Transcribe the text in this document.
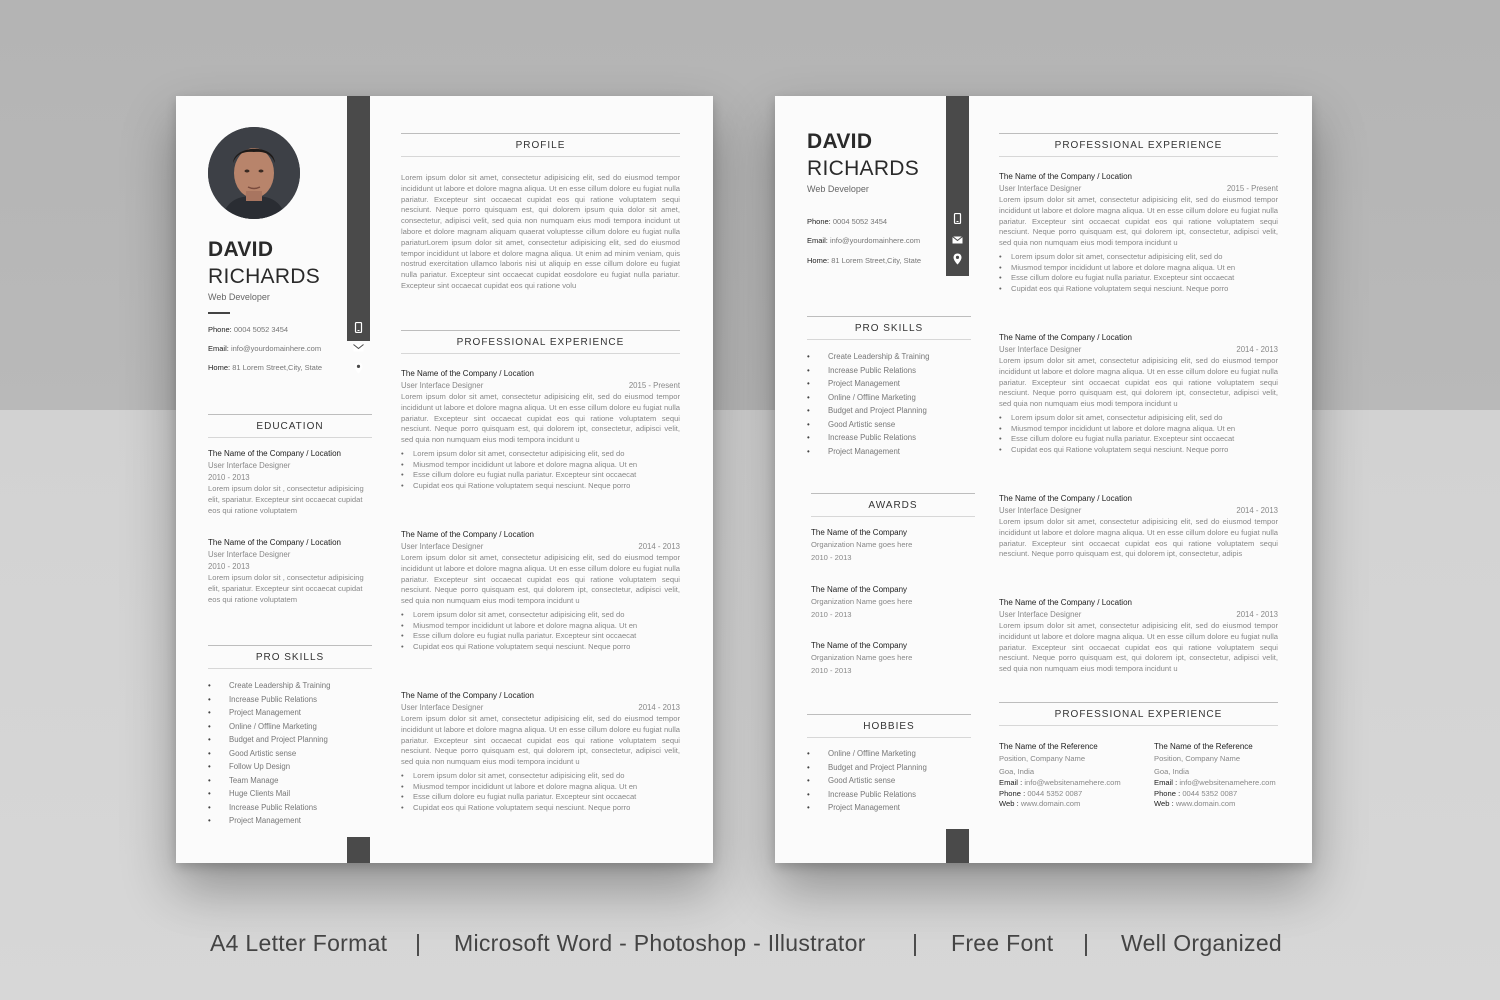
DAVID
RICHARDS
Web Developer
Phone: 0004 5052 3454
Email: info@yourdomainhere.com
Home: 81 Lorem Street,City, State
EDUCATION
The Name of the Company / Location
User Interface Designer
2010 - 2013
Lorem ipsum dolor sit , consectetur adipisicing elit, spariatur. Excepteur sint occaecat cupidat eos qui ratione voluptatem
The Name of the Company / Location
User Interface Designer
2010 - 2013
Lorem ipsum dolor sit , consectetur adipisicing elit, spariatur. Excepteur sint occaecat cupidat eos qui ratione voluptatem
PRO SKILLS
• Create Leadership & Training
• Increase Public Relations
• Project Management
• Online / Offline Marketing
• Budget and Project Planning
• Good Artistic sense
• Follow Up Design
• Team Manage
• Huge Clients Mail
• Increase Public Relations
• Project Management
PROFILE
Lorem ipsum dolor sit amet, consectetur adipisicing elit, sed do eiusmod tempor incididunt ut labore et dolore magna aliqua. Ut en esse cillum dolore eu fugiat nulla pariatur. Excepteur sint occaecat cupidat eos qui ratione voluptatem sequi nesciunt. Neque porro quisquam est, qui dolorem ipsum quia dolor sit amet, consectetur, adipisci velit, sed quia non numquam eius modi tempora incidunt ut labore et dolore magnam aliquam quaerat voluptesse cillum dolore eu fugiat nulla pariaturLorem ipsum dolor sit amet, consectetur adipisicing elit, sed do eiusmod tempor incididunt ut labore et dolore magna aliqua. Ut enim ad minim veniam, quis nostrud exercitation ullamco laboris nisi ut aliquip en esse cillum dolore eu fugiat nulla pariatur. Excepteur sint occaecat cupidat eosdolore eu fugiat nulla pariatur. Excepteur sint occaecat cupidat eos qui ratione volu
PROFESSIONAL EXPERIENCE
The Name of the Company / Location
User Interface Designer	2015 - Present
Lorem ipsum dolor sit amet, consectetur adipisicing elit, sed do eiusmod tempor incididunt ut labore et dolore magna aliqua. Ut en esse cillum dolore eu fugiat nulla pariatur. Excepteur sint occaecat cupidat eos qui ratione voluptatem sequi nesciunt. Neque porro quisquam est, qui dolorem ipt, consectetur, adipisci velit, sed quia non numquam eius modi tempora incidunt u
• Lorem ipsum dolor sit amet, consectetur adipisicing elit, sed do
• Miusmod tempor incididunt ut labore et dolore magna aliqua. Ut en
• Esse cillum dolore eu fugiat nulla pariatur. Excepteur sint occaecat
• Cupidat eos qui Ratione voluptatem sequi nesciunt. Neque porro
The Name of the Company / Location
User Interface Designer	2014 - 2013
Lorem ipsum dolor sit amet, consectetur adipisicing elit, sed do eiusmod tempor incididunt ut labore et dolore magna aliqua. Ut en esse cillum dolore eu fugiat nulla pariatur. Excepteur sint occaecat cupidat eos qui ratione voluptatem sequi nesciunt. Neque porro quisquam est, qui dolorem ipt, consectetur, adipisci velit, sed quia non numquam eius modi tempora incidunt u
• Lorem ipsum dolor sit amet, consectetur adipisicing elit, sed do
• Miusmod tempor incididunt ut labore et dolore magna aliqua. Ut en
• Esse cillum dolore eu fugiat nulla pariatur. Excepteur sint occaecat
• Cupidat eos qui Ratione voluptatem sequi nesciunt. Neque porro
The Name of the Company / Location
User Interface Designer	2014 - 2013
Lorem ipsum dolor sit amet, consectetur adipisicing elit, sed do eiusmod tempor incididunt ut labore et dolore magna aliqua. Ut en esse cillum dolore eu fugiat nulla pariatur. Excepteur sint occaecat cupidat eos qui ratione voluptatem sequi nesciunt. Neque porro quisquam est, qui dolorem ipt, consectetur, adipisci velit, sed quia non numquam eius modi tempora incidunt u
• Lorem ipsum dolor sit amet, consectetur adipisicing elit, sed do
• Miusmod tempor incididunt ut labore et dolore magna aliqua. Ut en
• Esse cillum dolore eu fugiat nulla pariatur. Excepteur sint occaecat
• Cupidat eos qui Ratione voluptatem sequi nesciunt. Neque porro
DAVID
RICHARDS
Web Developer
Phone: 0004 5052 3454
Email: info@yourdomainhere.com
Home: 81 Lorem Street,City, State
PRO SKILLS
• Create Leadership & Training
• Increase Public Relations
• Project Management
• Online / Offline Marketing
• Budget and Project Planning
• Good Artistic sense
• Increase Public Relations
• Project Management
AWARDS
The Name of the Company
Organization Name goes here
2010 - 2013
The Name of the Company
Organization Name goes here
2010 - 2013
The Name of the Company
Organization Name goes here
2010 - 2013
HOBBIES
• Online / Offline Marketing
• Budget and Project Planning
• Good Artistic sense
• Increase Public Relations
• Project Management
PROFESSIONAL EXPERIENCE
The Name of the Company / Location
User Interface Designer	2015 - Present
Lorem ipsum dolor sit amet, consectetur adipisicing elit, sed do eiusmod tempor incididunt ut labore et dolore magna aliqua. Ut en esse cillum dolore eu fugiat nulla pariatur. Excepteur sint occaecat cupidat eos qui ratione voluptatem sequi nesciunt. Neque porro quisquam est, qui dolorem ipt, consectetur, adipisci velit, sed quia non numquam eius modi tempora incidunt u
• Lorem ipsum dolor sit amet, consectetur adipisicing elit, sed do
• Miusmod tempor incididunt ut labore et dolore magna aliqua. Ut en
• Esse cillum dolore eu fugiat nulla pariatur. Excepteur sint occaecat
• Cupidat eos qui Ratione voluptatem sequi nesciunt. Neque porro
The Name of the Company / Location
User Interface Designer	2014 - 2013
Lorem ipsum dolor sit amet, consectetur adipisicing elit, sed do eiusmod tempor incididunt ut labore et dolore magna aliqua. Ut en esse cillum dolore eu fugiat nulla pariatur. Excepteur sint occaecat cupidat eos qui ratione voluptatem sequi nesciunt. Neque porro quisquam est, qui dolorem ipt, consectetur, adipisci velit, sed quia non numquam eius modi tempora incidunt u
• Lorem ipsum dolor sit amet, consectetur adipisicing elit, sed do
• Miusmod tempor incididunt ut labore et dolore magna aliqua. Ut en
• Esse cillum dolore eu fugiat nulla pariatur. Excepteur sint occaecat
• Cupidat eos qui Ratione voluptatem sequi nesciunt. Neque porro
The Name of the Company / Location
User Interface Designer	2014 - 2013
Lorem ipsum dolor sit amet, consectetur adipisicing elit, sed do eiusmod tempor incididunt ut labore et dolore magna aliqua. Ut en esse cillum dolore eu fugiat nulla pariatur. Excepteur sint occaecat cupidat eos qui ratione voluptatem sequi nesciunt. Neque porro quisquam est, qui dolorem ipt, consectetur, adipis
The Name of the Company / Location
User Interface Designer	2014 - 2013
Lorem ipsum dolor sit amet, consectetur adipisicing elit, sed do eiusmod tempor incididunt ut labore et dolore magna aliqua. Ut en esse cillum dolore eu fugiat nulla pariatur. Excepteur sint occaecat cupidat eos qui ratione voluptatem sequi nesciunt. Neque porro quisquam est, qui dolorem ipt, consectetur, adipisci velit, sed quia non numquam eius modi tempora incidunt u
PROFESSIONAL EXPERIENCE
The Name of the Reference
Position, Company Name
Goa, India
Email : info@websitenamehere.com
Phone : 0044 5352 0087
Web : www.domain.com
The Name of the Reference
Position, Company Name
Goa, India
Email : info@websitenamehere.com
Phone : 0044 5352 0087
Web : www.domain.com
A4 Letter Format | Microsoft Word - Photoshop - Illustrator | Free Font | Well Organized
